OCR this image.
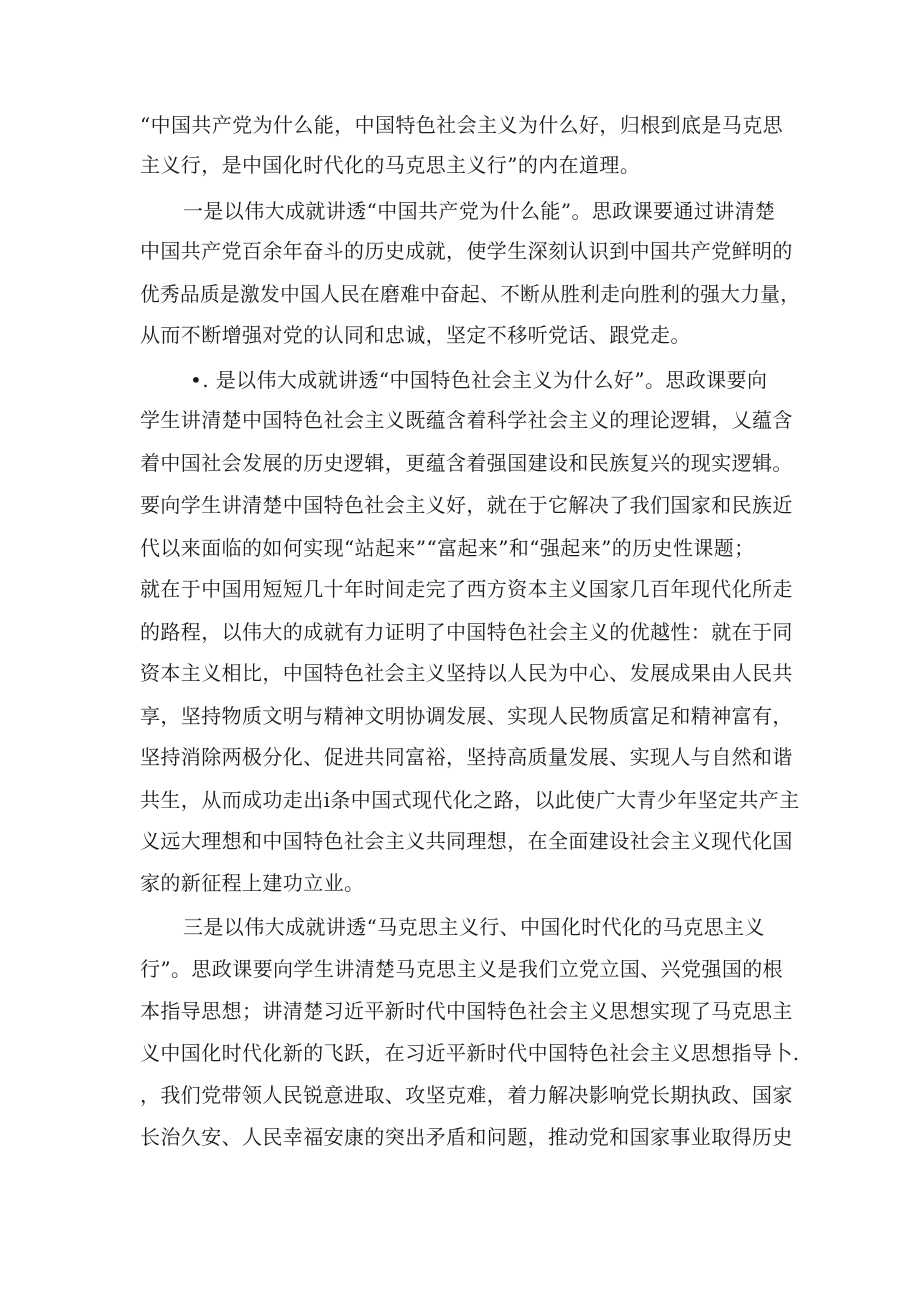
“中国共产党为什么能，中国特色社会主义为什么好，归根到底是马克思
主义行，是中国化时代化的马克思主义行”的内在道理。
一是以伟大成就讲透“中国共产党为什么能”。思政课要通过讲清楚
中国共产党百余年奋斗的历史成就，使学生深刻认识到中国共产党鲜明的
优秀品质是激发中国人民在磨难中奋起、不断从胜利走向胜利的强大力量，
从而不断增强对党的认同和忠诚，坚定不移听党话、跟党走。
•. 是以伟大成就讲透“中国特色社会主义为什么好”。思政课要向
学生讲清楚中国特色社会主义既蕴含着科学社会主义的理论逻辑，乂蕴含
着中国社会发展的历史逻辑，更蕴含着强国建设和民族复兴的现实逻辑。
要向学生讲清楚中国特色社会主义好，就在于它解决了我们国家和民族近
代以来面临的如何实现“站起来”“富起来”和“强起来”的历史性课题；
就在于中国用短短几十年时间走完了西方资本主义国家几百年现代化所走
的路程，以伟大的成就有力证明了中国特色社会主义的优越性：就在于同
资本主义相比，中国特色社会主义坚持以人民为中心、发展成果由人民共
享，坚持物质文明与精神文明协调发展、实现人民物质富足和精神富有，
坚持消除两极分化、促进共同富裕，坚持高质量发展、实现人与自然和谐
共生，从而成功走出i条中国式现代化之路，以此使广大青少年坚定共产主
义远大理想和中国特色社会主义共同理想，在全面建设社会主义现代化国
家的新征程上建功立业。
三是以伟大成就讲透“马克思主义行、中国化时代化的马克思主义
行”。思政课要向学生讲清楚马克思主义是我们立党立国、兴党强国的根
本指导思想；讲清楚习近平新时代中国特色社会主义思想实现了马克思主
义中国化时代化新的飞跃，在习近平新时代中国特色社会主义思想指导卜.
，我们党带领人民锐意进取、攻坚克难，着力解决影响党长期执政、国家
长治久安、人民幸福安康的突出矛盾和问题，推动党和国家事业取得历史
